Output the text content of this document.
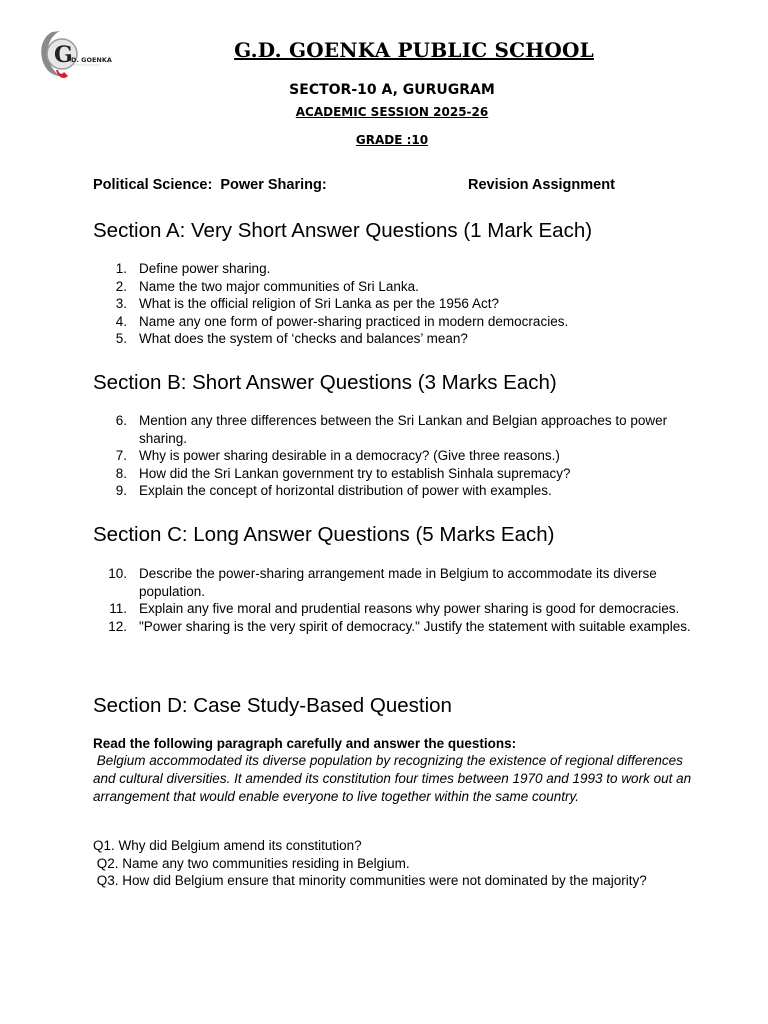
G
D. GOENKA	G.D. GOENKA PUBLIC SCHOOL
SECTOR-10 A, GURUGRAM
ACADEMIC SESSION 2025-26
GRADE :10
Political Science:  Power Sharing:	Revision Assignment
Section A: Very Short Answer Questions (1 Mark Each)
1. Define power sharing.
2. Name the two major communities of Sri Lanka.
3. What is the official religion of Sri Lanka as per the 1956 Act?
4. Name any one form of power-sharing practiced in modern democracies.
5. What does the system of ‘checks and balances’ mean?
Section B: Short Answer Questions (3 Marks Each)
6. Mention any three differences between the Sri Lankan and Belgian approaches to power sharing.
7. Why is power sharing desirable in a democracy? (Give three reasons.)
8. How did the Sri Lankan government try to establish Sinhala supremacy?
9. Explain the concept of horizontal distribution of power with examples.
Section C: Long Answer Questions (5 Marks Each)
10. Describe the power-sharing arrangement made in Belgium to accommodate its diverse population.
11. Explain any five moral and prudential reasons why power sharing is good for democracies.
12. "Power sharing is the very spirit of democracy." Justify the statement with suitable examples.
Section D: Case Study-Based Question
Read the following paragraph carefully and answer the questions:
Belgium accommodated its diverse population by recognizing the existence of regional differences and cultural diversities. It amended its constitution four times between 1970 and 1993 to work out an arrangement that would enable everyone to live together within the same country.
Q1. Why did Belgium amend its constitution?
Q2. Name any two communities residing in Belgium.
Q3. How did Belgium ensure that minority communities were not dominated by the majority?
